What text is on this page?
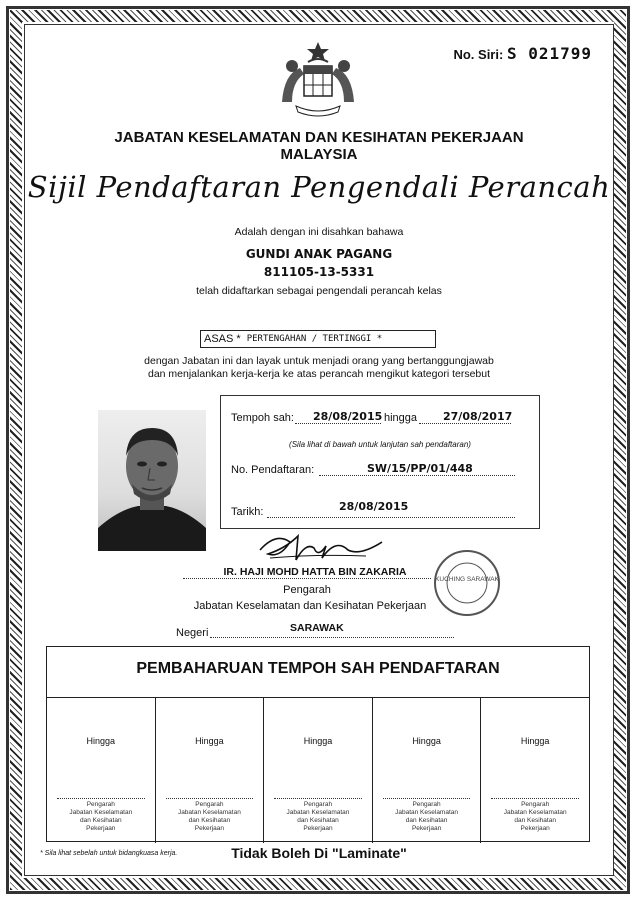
No. Siri: S 021799
JABATAN KESELAMATAN DAN KESIHATAN PEKERJAAN
MALAYSIA
Sijil Pendaftaran Pengendali Perancah
Adalah dengan ini disahkan bahawa
GUNDI ANAK PAGANG
811105-13-5331
telah didaftarkan sebagai pengendali perancah kelas
ASAS * PERTENGAHAN / TERTINGGI *
dengan Jabatan ini dan layak untuk menjadi orang yang bertanggungjawab
dan menjalankan kerja-kerja ke atas perancah mengikut kategori tersebut
Tempoh sah: 28/08/2015 hingga 27/08/2017
(Sila lihat di bawah untuk lanjutan sah pendaftaran)
No. Pendaftaran:	SW/15/PP/01/448
Tarikh:	28/08/2015
IR. HAJI MOHD HATTA BIN ZAKARIA
Pengarah
Jabatan Keselamatan dan Kesihatan Pekerjaan
Negeri	SARAWAK
KUCHING SARAWAK
PEMBAHARUAN TEMPOH SAH PENDAFTARAN
Hingga
Pengarah
Jabatan Keselamatan
dan Kesihatan
Pekerjaan
Hingga
Pengarah
Jabatan Keselamatan
dan Kesihatan
Pekerjaan
Hingga
Pengarah
Jabatan Keselamatan
dan Kesihatan
Pekerjaan
Hingga
Pengarah
Jabatan Keselamatan
dan Kesihatan
Pekerjaan
Hingga
Pengarah
Jabatan Keselamatan
dan Kesihatan
Pekerjaan
* Sila lihat sebelah untuk bidangkuasa kerja.	Tidak Boleh Di "Laminate"
